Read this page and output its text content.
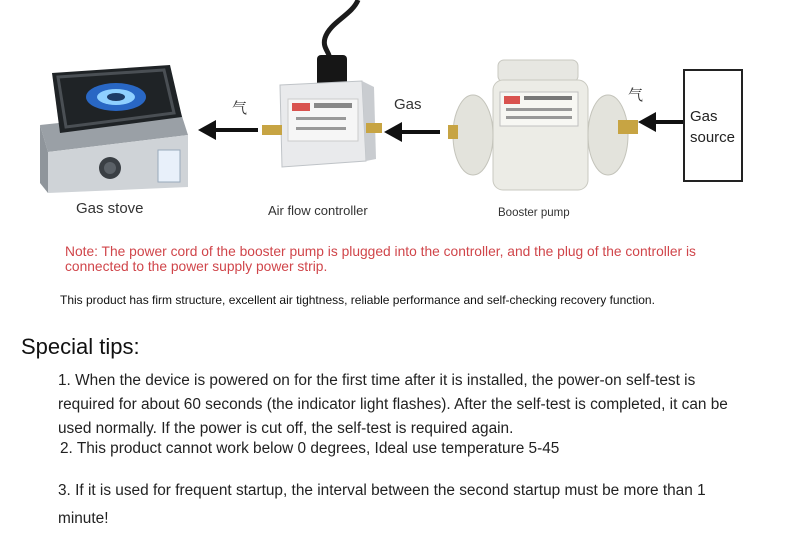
Gas
source
气	Gas
气
Gas stove	Air flow controller	Booster pump
Note: The power cord of the booster pump is plugged into the controller, and the plug of the controller is connected to the power supply power strip.
This product has firm structure, excellent air tightness, reliable performance and self-checking recovery function.
Special tips:
1. When the device is powered on for the first time after it is installed, the power-on self-test is required for about 60 seconds (the indicator light flashes). After the self-test is completed, it can be used normally. If the power is cut off, the self-test is required again.
2. This product cannot work below 0 degrees, Ideal use temperature 5-45
3. If it is used for frequent startup, the interval between the second startup must be more than 1 minute!
